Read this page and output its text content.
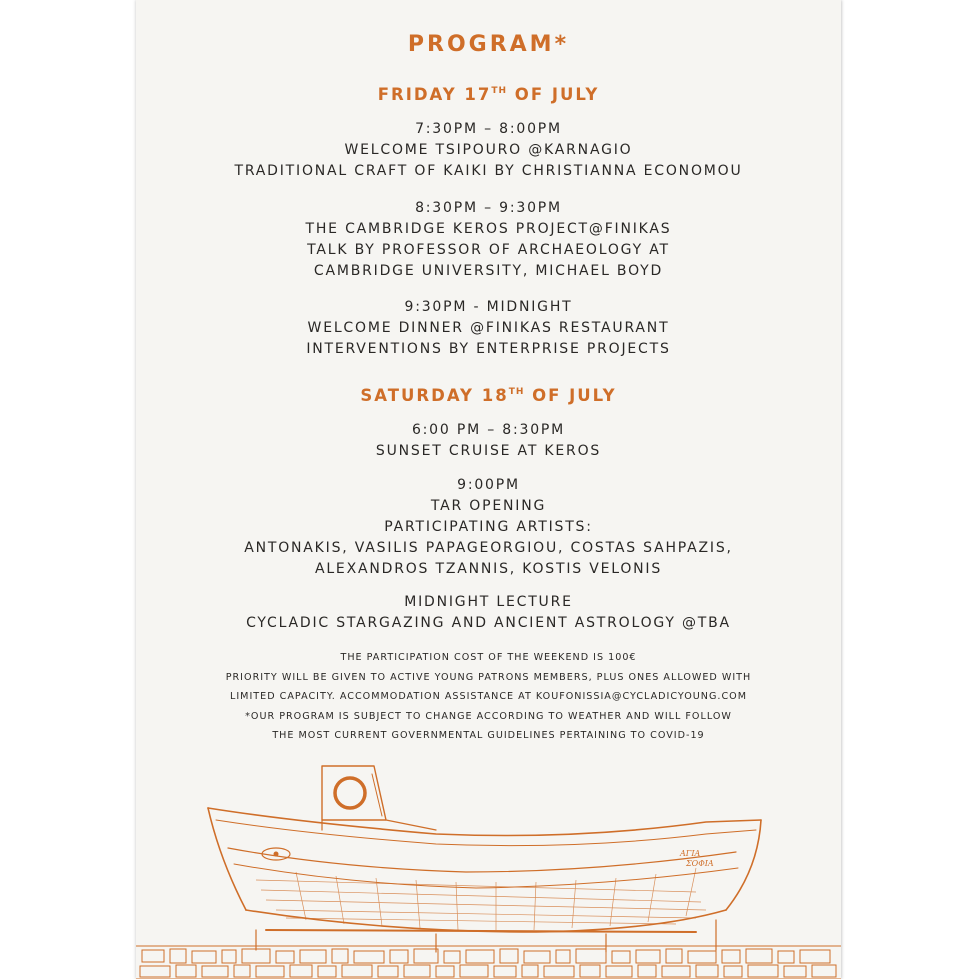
PROGRAM*

FRIDAY 17TH OF JULY

7:30PM – 8:00PM
WELCOME TSIPOURO @KARNAGIO
TRADITIONAL CRAFT OF KAIKI BY CHRISTIANNA ECONOMOU
8:30PM – 9:30PM
THE CAMBRIDGE KEROS PROJECT@FINIKAS
TALK BY PROFESSOR OF ARCHAEOLOGY AT
CAMBRIDGE UNIVERSITY, MICHAEL BOYD
9:30PM - MIDNIGHT
WELCOME DINNER @FINIKAS RESTAURANT
INTERVENTIONS BY ENTERPRISE PROJECTS

SATURDAY 18TH OF JULY

6:00 PM – 8:30PM
SUNSET CRUISE AT KEROS
9:00PM
TAR OPENING
PARTICIPATING ARTISTS:
ANTONAKIS, VASILIS PAPAGEORGIOU, COSTAS SAHPAZIS,
ALEXANDROS TZANNIS, KOSTIS VELONIS
MIDNIGHT LECTURE
CYCLADIC STARGAZING AND ANCIENT ASTROLOGY @TBA
THE PARTICIPATION COST OF THE WEEKEND IS 100€
PRIORITY WILL BE GIVEN TO ACTIVE YOUNG PATRONS MEMBERS, PLUS ONES ALLOWED WITH
LIMITED CAPACITY. ACCOMMODATION ASSISTANCE AT KOUFONISSIA@CYCLADICYOUNG.COM
*OUR PROGRAM IS SUBJECT TO CHANGE ACCORDING TO WEATHER AND WILL FOLLOW
THE MOST CURRENT GOVERNMENTAL GUIDELINES PERTAINING TO COVID-19
ΑΓΙΑ
ΣΟΦΙΑ
